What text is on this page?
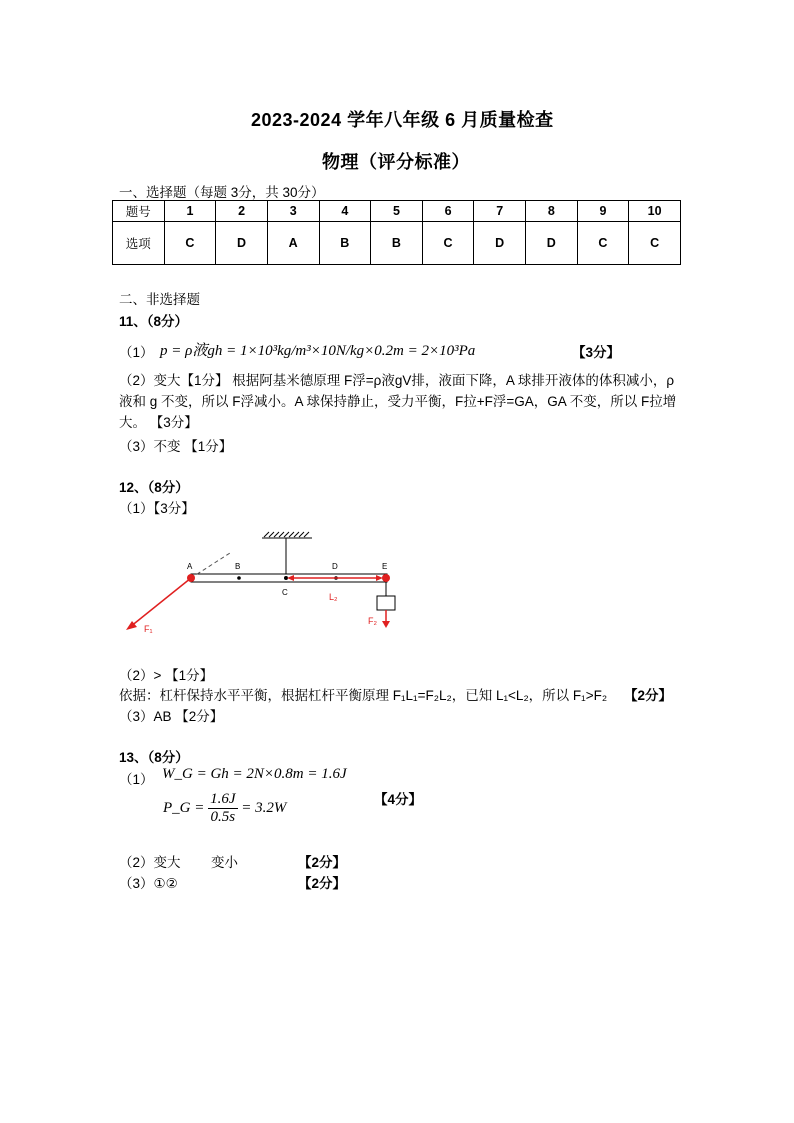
2023-2024 学年八年级 6 月质量检查
物理（评分标准）
一、选择题（每题 3分，共 30分）
题号	1	2	3	4	5	6	7	8	9	10
选项	C	D	A	B	B	C	D	D	C	C
二、非选择题
11、（8分）
（1） p = ρ液gh = 1×10³kg/m³×10N/kg×0.2m = 2×10³Pa	【3分】
（2）变大【1分】 根据阿基米德原理 F浮=ρ液gV排，液面下降，A 球排开液体的体积减小，ρ液和 g 不变，所以 F浮减小。A 球保持静止，受力平衡，F拉+F浮=GA，GA 不变，所以 F拉增大。 【3分】
（3）不变 【1分】
12、（8分）
（1）【3分】
A	B
C
D	E
L₂
F₁
F₂
（2）> 【1分】
依据：杠杆保持水平平衡，根据杠杆平衡原理 F₁L₁=F₂L₂，已知 L₁<L₂，所以 F₁>F₂ 【2分】
（3）AB 【2分】
13、（8分）
（1） W_G = Gh = 2N×0.8m = 1.6J
【4分】
P_G = $\frac{1.6J}{0.5s} = 3.2W$
（2）变大 变小	【2分】
（3）①②	【2分】
